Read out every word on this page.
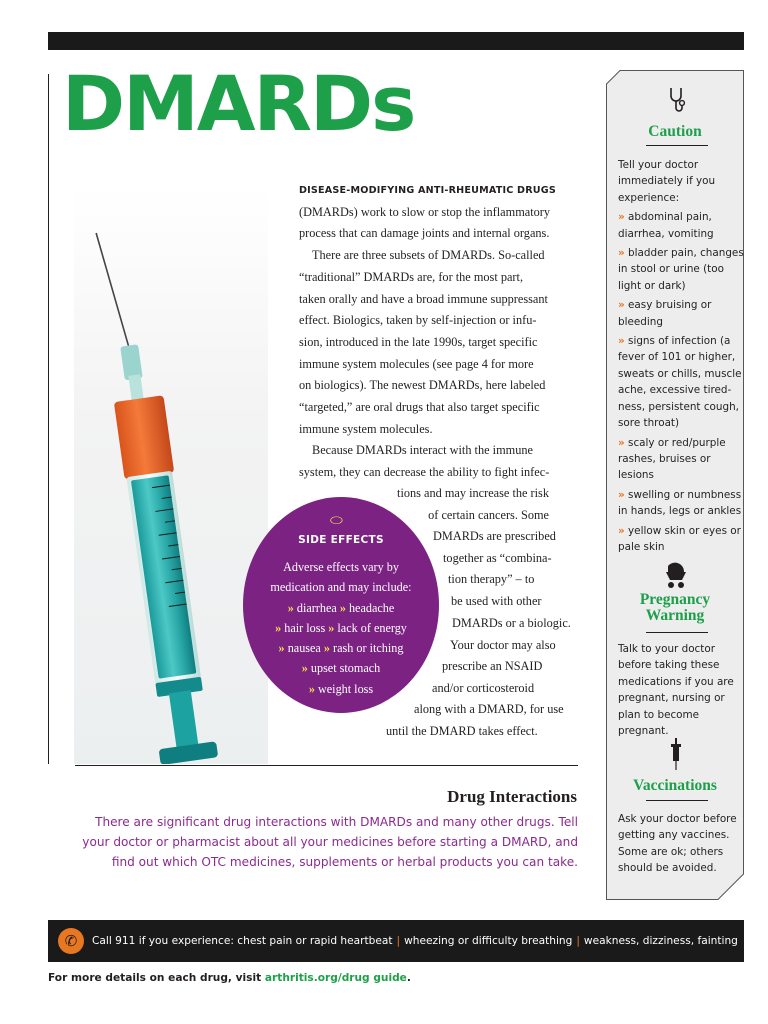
DMARDs

DISEASE-MODIFYING ANTI-RHEUMATIC DRUGS

(DMARDs) work to slow or stop the inflammatory

process that can damage joints and internal organs.

There are three subsets of DMARDs. So-called

“traditional” DMARDs are, for the most part,

taken orally and have a broad immune suppressant

effect. Biologics, taken by self-injection or infu-

sion, introduced in the late 1990s, target specific

immune system molecules (see page 4 for more

on biologics). The newest DMARDs, here labeled

“targeted,” are oral drugs that also target specific

immune system molecules.

Because DMARDs interact with the immune

system, they can decrease the ability to fight infec-

tions and may increase the risk

of certain cancers. Some

DMARDs are prescribed

together as “combina-

tion therapy” – to

be used with other

DMARDs or a biologic.

Your doctor may also

prescribe an NSAID

and/or corticosteroid

along with a DMARD, for use

until the DMARD takes effect.

⬭
SIDE EFFECTS
Adverse effects vary by
medication and may include:
» diarrhea » headache
» hair loss » lack of energy
» nausea » rash or itching
» upset stomach
» weight loss
Drug Interactions
There are significant drug interactions with DMARDs and many other drugs. Tell your doctor or pharmacist about all your medicines before starting a DMARD, and find out which OTC medicines, supplements or herbal products you can take.
Caution
Tell your doctor immediately if you experience:
» abdominal pain, diarrhea, vomiting
» bladder pain, changes in stool or urine (too light or dark)
» easy bruising or bleeding
» signs of infection (a fever of 101 or higher, sweats or chills, muscle ache, excessive tired-ness, persistent cough, sore throat)
» scaly or red/purple rashes, bruises or lesions
» swelling or numbness in hands, legs or ankles
» yellow skin or eyes or pale skin
Pregnancy
Warning
Talk to your doctor before taking these medications if you are pregnant, nursing or plan to become pregnant.
Vaccinations
Ask your doctor before getting any vaccines. Some are ok; others should be avoided.
✆	Call 911 if you experience: chest pain or rapid heartbeat | wheezing or difficulty breathing | weakness, dizziness, fainting
For more details on each drug, visit arthritis.org/drug guide.
